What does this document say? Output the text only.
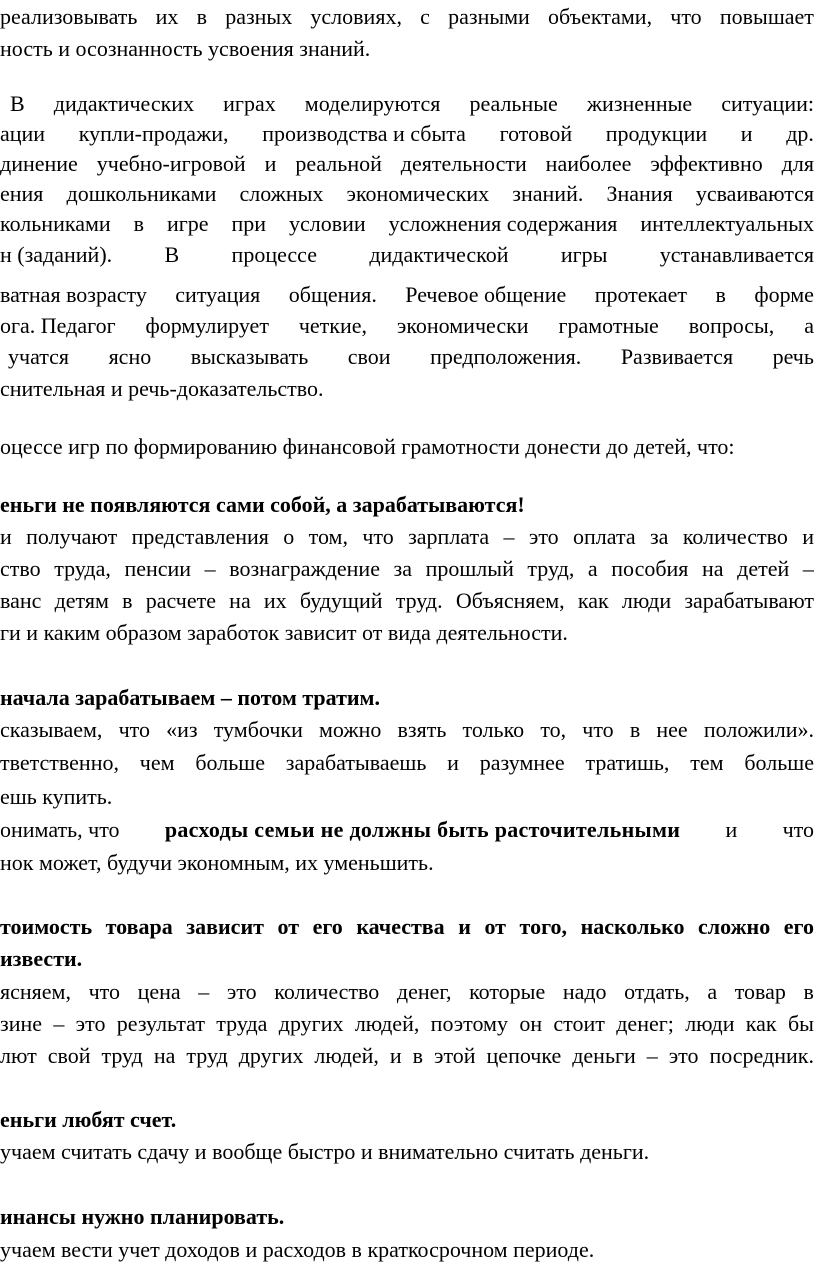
реализовывать их в разных условиях, с разными объектами, что повышает
ность и осознанность усвоения знаний.
В дидактических играх моделируются реальные жизненные ситуации:
ации купли-продажи, производства и сбыта готовой продукции и др.
динение учебно-игровой и реальной деятельности наиболее эффективно для
ения дошкольниками сложных экономических знаний. Знания усваиваются
кольниками в игре при условии усложнения содержания интеллектуальных
н (заданий). В процессе дидактической игры устанавливается
ватная возрасту ситуация общения. Речевое общение протекает в форме
ога. Педагог формулирует четкие, экономически грамотные вопросы, а
учатся ясно высказывать свои предположения. Развивается речь
снительная и речь-доказательство.
оцессе игр по формированию финансовой грамотности донести до детей, что:
еньги не появляются сами собой, а зарабатываются!
и получают представления о том, что зарплата – это оплата за количество и
ство труда, пенсии – вознаграждение за прошлый труд, а пособия на детей –
ванс детям в расчете на их будущий труд. Объясняем, как люди зарабатывают
ги и каким образом заработок зависит от вида деятельности.
начала зарабатываем – потом тратим.
сказываем, что «из тумбочки можно взять только то, что в нее положили».
тветственно, чем больше зарабатываешь и разумнее тратишь, тем больше
ешь купить.
онимать, что расходы семьи не должны быть расточительными и что
нок может, будучи экономным, их уменьшить.
тоимость товара зависит от его качества и от того, насколько сложно его
извести.
ясняем, что цена – это количество денег, которые надо отдать, а товар в
зине – это результат труда других людей, поэтому он стоит денег; люди как бы
лют свой труд на труд других людей, и в этой цепочке деньги – это посредник.
еньги любят счет.
учаем считать сдачу и вообще быстро и внимательно считать деньги.
инансы нужно планировать.
учаем вести учет доходов и расходов в краткосрочном периоде.
